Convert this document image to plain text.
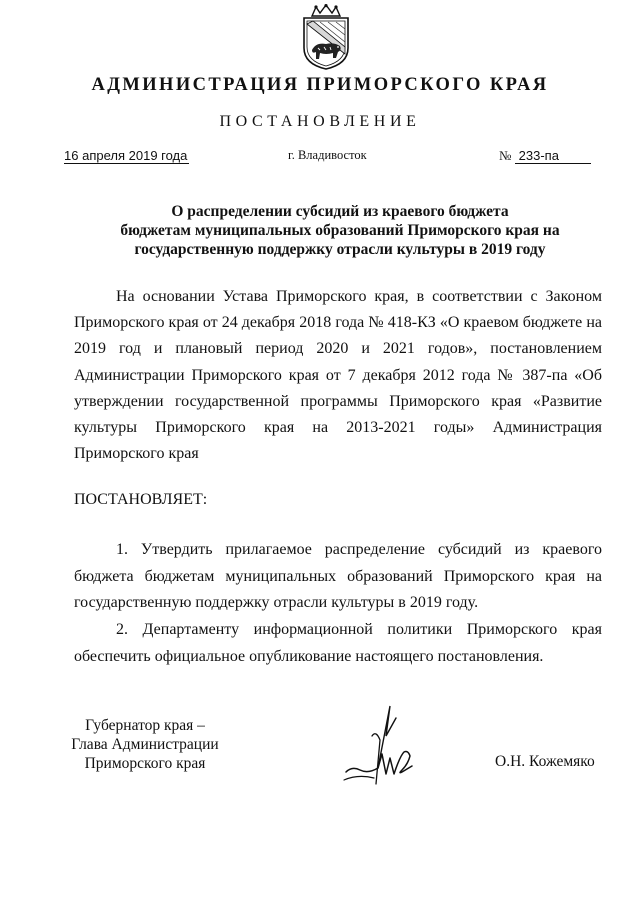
АДМИНИСТРАЦИЯ ПРИМОРСКОГО КРАЯ
ПОСТАНОВЛЕНИЕ
16 апреля 2019 года	г. Владивосток	№ 233-па
О распределении субсидий из краевого бюджета
бюджетам муниципальных образований Приморского края на
государственную поддержку отрасли культуры в 2019 году
На основании Устава Приморского края, в соответствии с Законом Приморского края от 24 декабря 2018 года № 418-КЗ «О краевом бюджете на 2019 год и плановый период 2020 и 2021 годов», постановлением Администрации Приморского края от 7 декабря 2012 года № 387-па «Об утверждении государственной программы Приморского края «Развитие культуры Приморского края на 2013-2021 годы» Администрация Приморского края
ПОСТАНОВЛЯЕТ:
1. Утвердить прилагаемое распределение субсидий из краевого бюджета бюджетам муниципальных образований Приморского края на государственную поддержку отрасли культуры в 2019 году.
2. Департаменту информационной политики Приморского края обеспечить официальное опубликование настоящего постановления.
Губернатор края –
Глава Администрации
Приморского края	О.Н. Кожемяко
